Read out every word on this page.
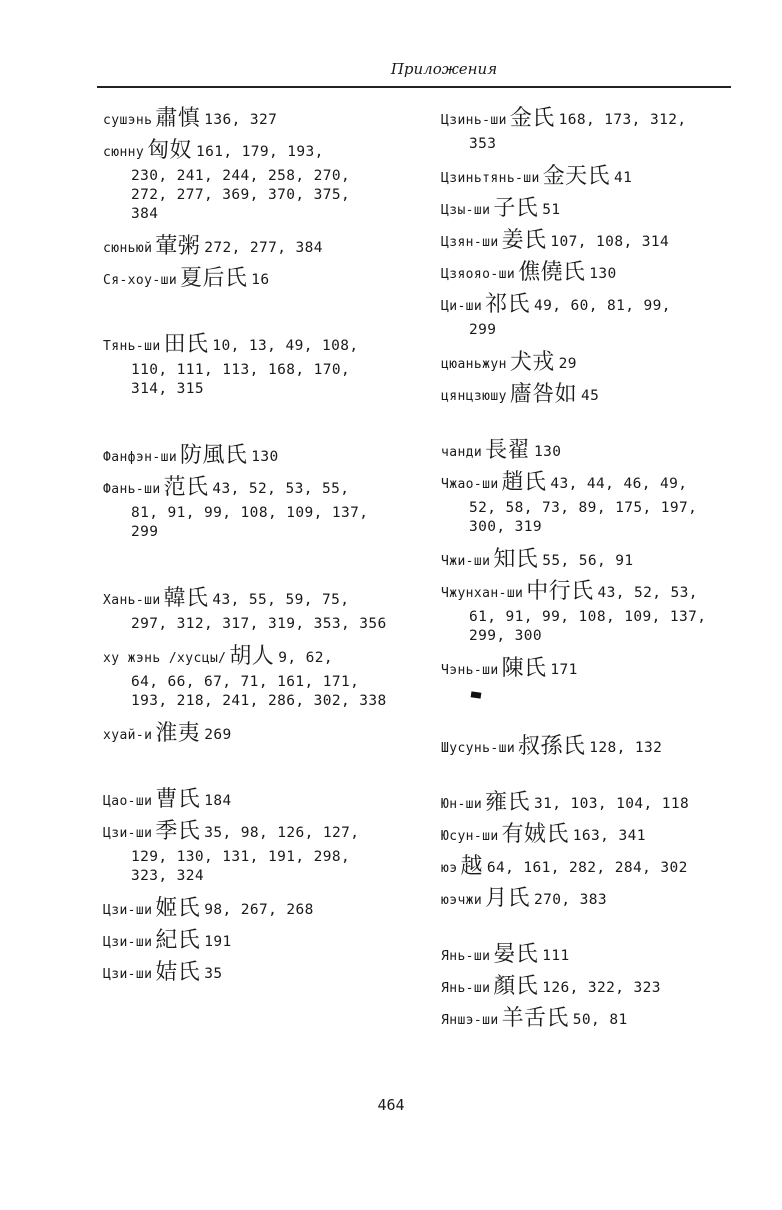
Приложения
сушэнь 肅慎 136, 327
сюнну 匈奴 161, 179, 193,
230, 241, 244, 258, 270,
272, 277, 369, 370, 375,
384
сюньюй 葷粥 272, 277, 384
Ся-хоу-ши 夏后氏 16
Тянь-ши 田氏 10, 13, 49, 108,
110, 111, 113, 168, 170,
314, 315
Фанфэн-ши 防風氏 130
Фань-ши 范氏 43, 52, 53, 55,
81, 91, 99, 108, 109, 137,
299
Хань-ши 韓氏 43, 55, 59, 75,
297, 312, 317, 319, 353, 356
ху жэнь /хусцы/ 胡人 9, 62,
64, 66, 67, 71, 161, 171,
193, 218, 241, 286, 302, 338
хуай-и 淮夷 269
Цао-ши 曹氏 184
Цзи-ши 季氏 35, 98, 126, 127,
129, 130, 131, 191, 298,
323, 324
Цзи-ши 姬氏 98, 267, 268
Цзи-ши 紀氏 191
Цзи-ши 姞氏 35
Цзинь-ши 金氏 168, 173, 312,
353
Цзиньтянь-ши 金天氏 41
Цзы-ши 子氏 51
Цзян-ши 姜氏 107, 108, 314
Цзяояо-ши 僬僥氏 130
Ци-ши 祁氏 49, 60, 81, 99,
299
цюаньжун 犬戎 29
цянцзюшу 廧咎如 45
чанди 長翟 130
Чжао-ши 趙氏 43, 44, 46, 49,
52, 58, 73, 89, 175, 197,
300, 319
Чжи-ши 知氏 55, 56, 91
Чжунхан-ши 中行氏 43, 52, 53,
61, 91, 99, 108, 109, 137,
299, 300
Чэнь-ши 陳氏 171
Шусунь-ши 叔孫氏 128, 132
Юн-ши 雍氏 31, 103, 104, 118
Юсун-ши 有娀氏 163, 341
юэ 越 64, 161, 282, 284, 302
юэчжи 月氏 270, 383
Янь-ши 晏氏 111
Янь-ши 顏氏 126, 322, 323
Яншэ-ши 羊舌氏 50, 81
464
